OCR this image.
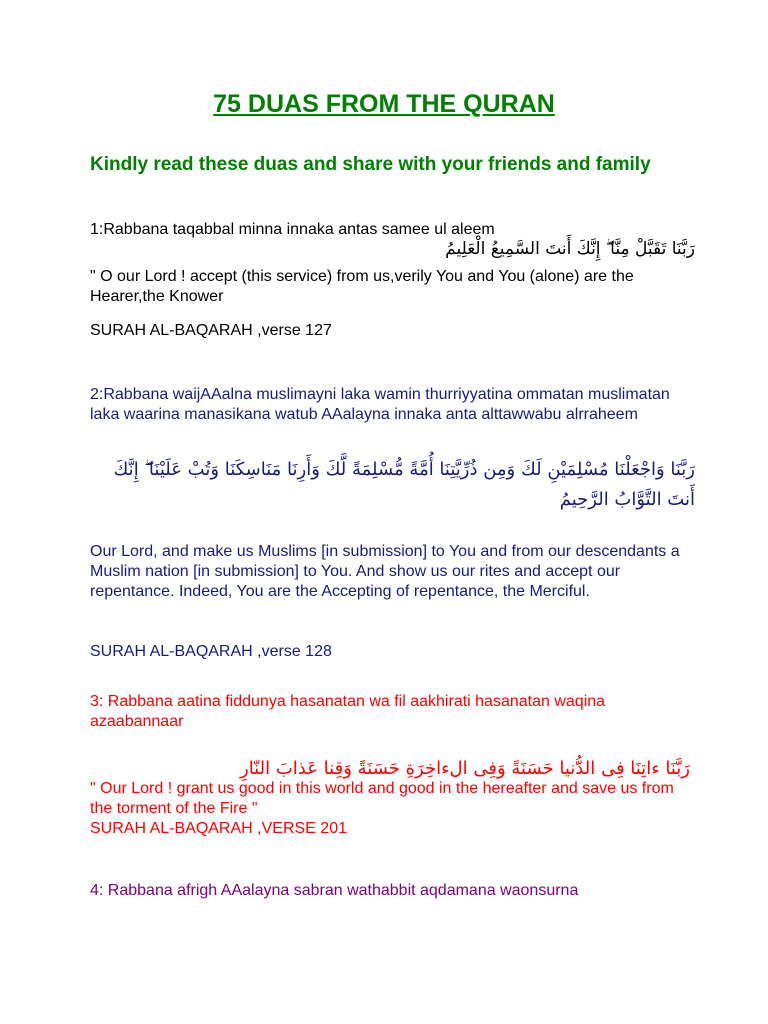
75 DUAS FROM THE QURAN

Kindly read these duas and share with your friends and family

1:Rabbana taqabbal minna innaka antas samee ul aleem

رَبَّنَا تَقَبَّلْ مِنَّا ۖ إِنَّكَ أَنتَ السَّمِيعُ الْعَلِيمُ

" O our Lord ! accept (this service) from us,verily You and You (alone) are the Hearer,the Knower

SURAH AL-BAQARAH ,verse 127

2:Rabbana waijAAalna muslimayni laka wamin thurriyyatina ommatan muslimatan laka waarina manasikana watub AAalayna innaka anta alttawwabu alrraheem

رَبَّنَا وَاجْعَلْنَا مُسْلِمَيْنِ لَكَ وَمِن ذُرِّيَّتِنَا أُمَّةً مُّسْلِمَةً لَّكَ وَأَرِنَا مَنَاسِكَنَا وَتُبْ عَلَيْنَا ۖ إِنَّكَ أَنتَ التَّوَّابُ الرَّحِيمُ

Our Lord, and make us Muslims [in submission] to You and from our descendants a Muslim nation [in submission] to You. And show us our rites and accept our repentance. Indeed, You are the Accepting of repentance, the Merciful.

SURAH AL-BAQARAH ,verse 128

3: Rabbana aatina fiddunya hasanatan wa fil aakhirati hasanatan waqina azaabannaar

رَبَّنَا ءاتِنَا فِى الدُّنيا حَسَنَةً وَفِى الءاخِرَةِ حَسَنَةً وَقِنا عَذابَ النّارِ

" Our Lord ! grant us good in this world and good in the hereafter and save us from the torment of the Fire "

SURAH AL-BAQARAH ,VERSE 201

4: Rabbana afrigh AAalayna sabran wathabbit aqdamana waonsurna
